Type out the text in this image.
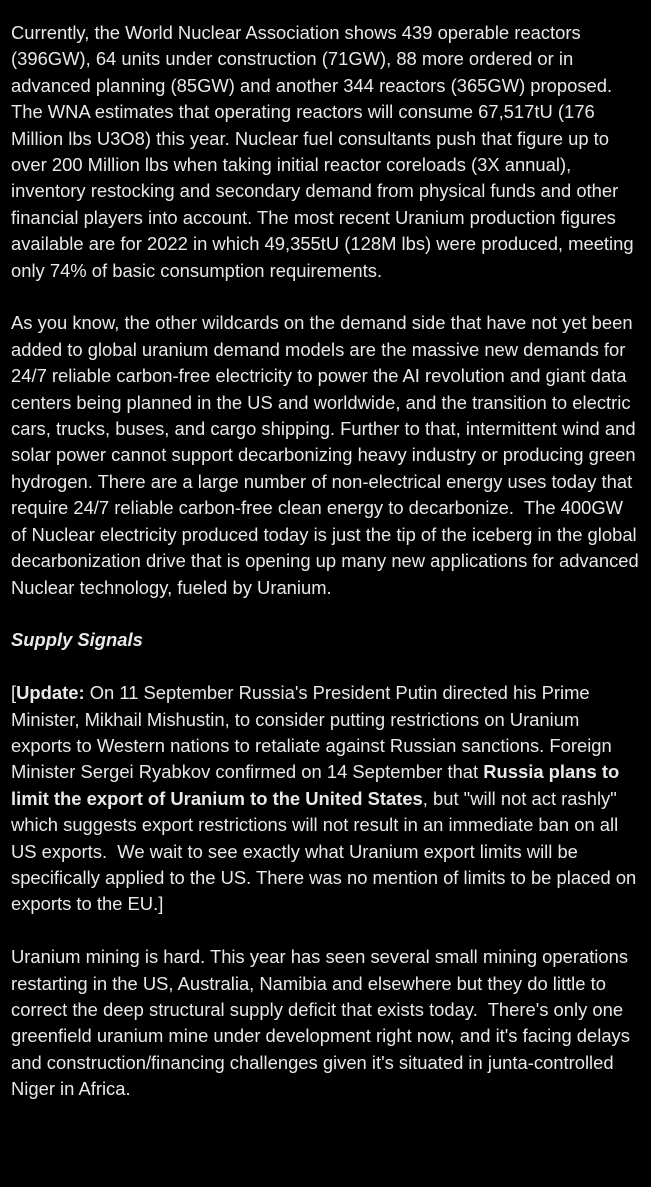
Currently, the World Nuclear Association shows 439 operable reactors (396GW), 64 units under construction (71GW), 88 more ordered or in advanced planning (85GW) and another 344 reactors (365GW) proposed. The WNA estimates that operating reactors will consume 67,517tU (176 Million lbs U3O8) this year. Nuclear fuel consultants push that figure up to over 200 Million lbs when taking initial reactor coreloads (3X annual), inventory restocking and secondary demand from physical funds and other financial players into account. The most recent Uranium production figures available are for 2022 in which 49,355tU (128M lbs) were produced, meeting only 74% of basic consumption requirements.

As you know, the other wildcards on the demand side that have not yet been added to global uranium demand models are the massive new demands for 24/7 reliable carbon-free electricity to power the AI revolution and giant data centers being planned in the US and worldwide, and the transition to electric cars, trucks, buses, and cargo shipping. Further to that, intermittent wind and solar power cannot support decarbonizing heavy industry or producing green hydrogen. There are a large number of non-electrical energy uses today that require 24/7 reliable carbon-free clean energy to decarbonize.  The 400GW of Nuclear electricity produced today is just the tip of the iceberg in the global decarbonization drive that is opening up many new applications for advanced Nuclear technology, fueled by Uranium.

Supply Signals

[Update: On 11 September Russia's President Putin directed his Prime Minister, Mikhail Mishustin, to consider putting restrictions on Uranium exports to Western nations to retaliate against Russian sanctions. Foreign Minister Sergei Ryabkov confirmed on 14 September that Russia plans to limit the export of Uranium to the United States, but "will not act rashly" which suggests export restrictions will not result in an immediate ban on all US exports.  We wait to see exactly what Uranium export limits will be specifically applied to the US. There was no mention of limits to be placed on exports to the EU.]

Uranium mining is hard. This year has seen several small mining operations restarting in the US, Australia, Namibia and elsewhere but they do little to correct the deep structural supply deficit that exists today.  There's only one greenfield uranium mine under development right now, and it's facing delays and construction/financing challenges given it's situated in junta-controlled Niger in Africa.
